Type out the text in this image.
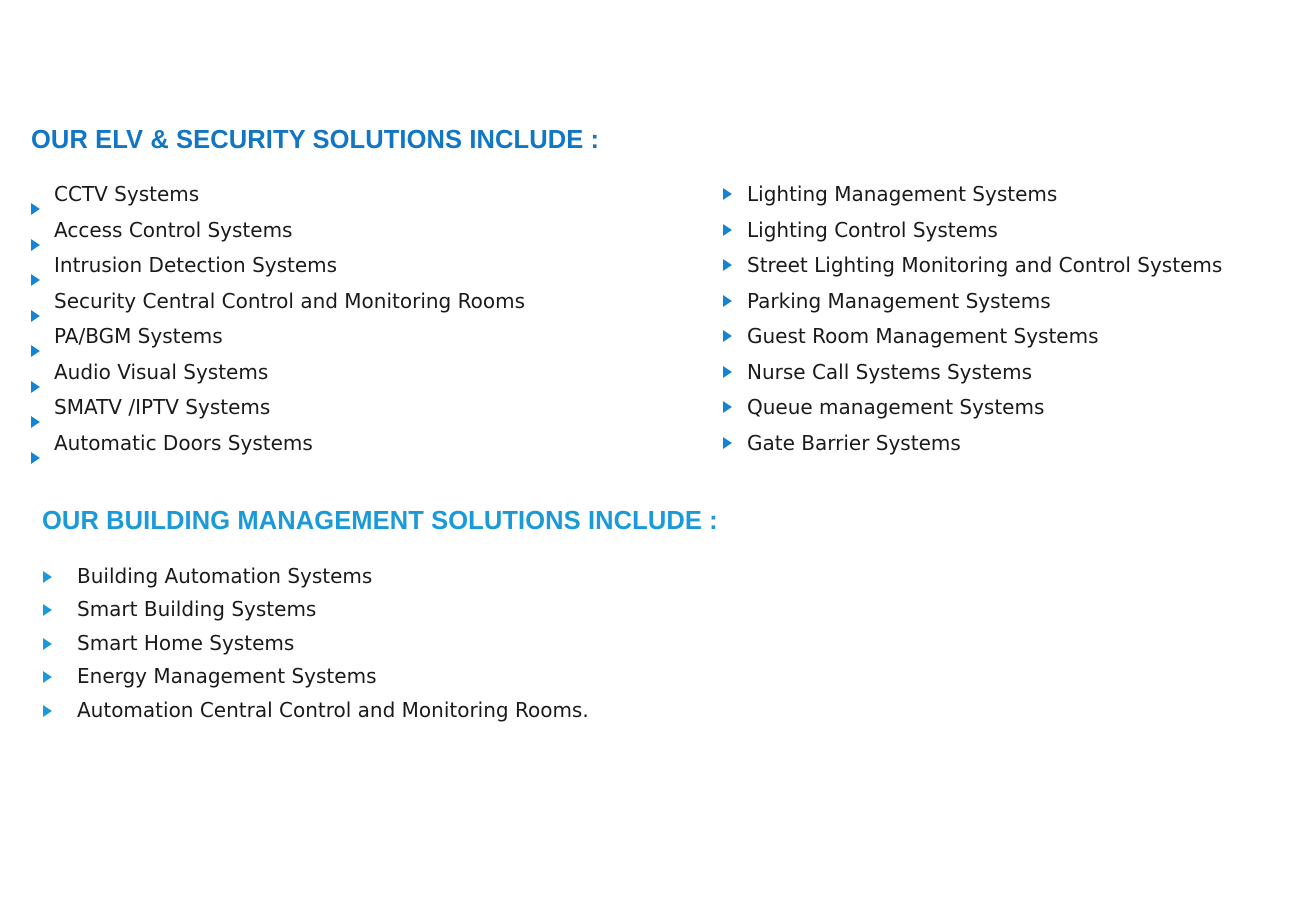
OUR ELV & SECURITY SOLUTIONS INCLUDE :
CCTV Systems
Access Control Systems
Intrusion Detection Systems
Security Central Control and Monitoring Rooms
PA/BGM Systems
Audio Visual Systems
SMATV /IPTV Systems
Automatic Doors Systems
Lighting Management Systems
Lighting Control Systems
Street Lighting Monitoring and Control Systems
Parking Management Systems
Guest Room Management Systems
Nurse Call Systems Systems
Queue management Systems
Gate Barrier Systems
OUR BUILDING MANAGEMENT SOLUTIONS INCLUDE :
Building Automation Systems
Smart Building Systems
Smart Home Systems
Energy Management Systems
Automation Central Control and Monitoring Rooms.
